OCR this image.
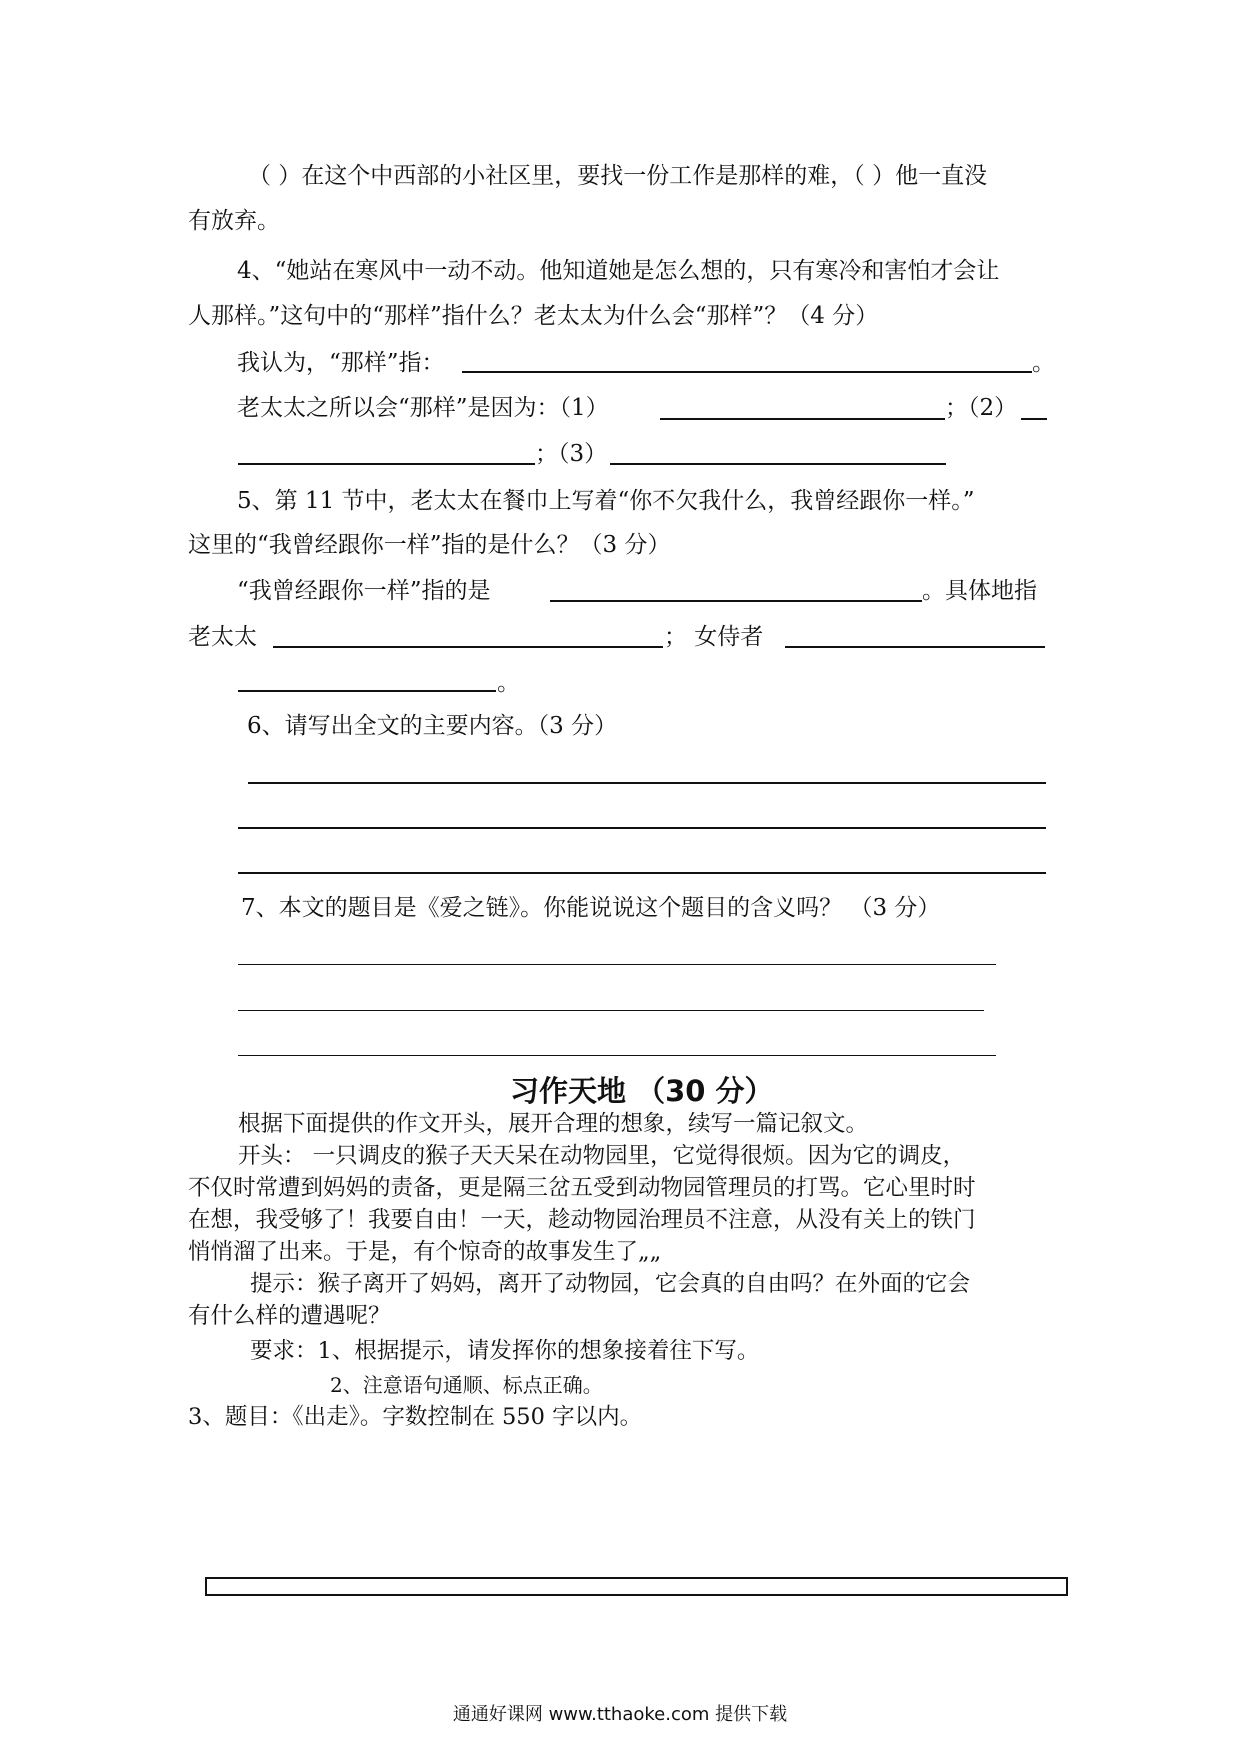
（ ）在这个中西部的小社区里，要找一份工作是那样的难，（ ）他一直没
有放弃。
4、“她站在寒风中一动不动。他知道她是怎么想的，只有寒冷和害怕才会让
人那样。”这句中的“那样”指什么？老太太为什么会“那样”？（4 分）
我认为，“那样”指：	。
老太太之所以会“那样”是因为：（1）	；（2）
；（3）
5、第 11 节中，老太太在餐巾上写着“你不欠我什么，我曾经跟你一样。”
这里的“我曾经跟你一样”指的是什么？（3 分）
“我曾经跟你一样”指的是	。具体地指
老太太	； 女侍者
。
6、请写出全文的主要内容。（3 分）
7、本文的题目是《爱之链》。你能说说这个题目的含义吗？ （3 分）
习作天地 （30 分）
根据下面提供的作文开头，展开合理的想象，续写一篇记叙文。
开头： 一只调皮的猴子天天呆在动物园里，它觉得很烦。因为它的调皮，
不仅时常遭到妈妈的责备，更是隔三岔五受到动物园管理员的打骂。它心里时时
在想，我受够了！我要自由！一天，趁动物园治理员不注意，从没有关上的铁门
悄悄溜了出来。于是，有个惊奇的故事发生了„„
提示：猴子离开了妈妈，离开了动物园，它会真的自由吗？在外面的它会
有什么样的遭遇呢？
要求：1、根据提示，请发挥你的想象接着往下写。
2、注意语句通顺、标点正确。
3、题目：《出走》。字数控制在 550 字以内。
通通好课网 www.tthaoke.com 提供下载
